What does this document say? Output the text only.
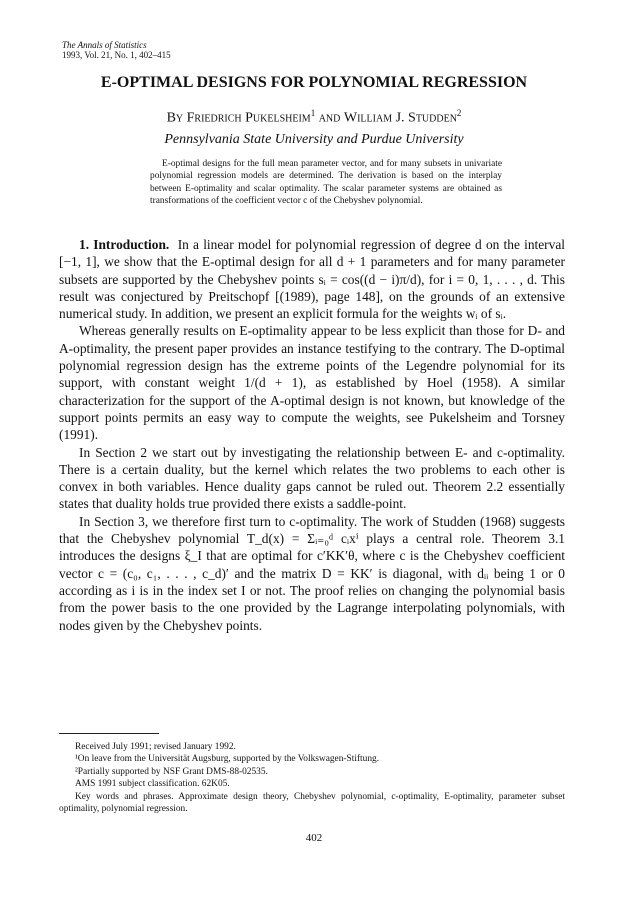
The Annals of Statistics
1993, Vol. 21, No. 1, 402–415
E-OPTIMAL DESIGNS FOR POLYNOMIAL REGRESSION
By Friedrich Pukelsheim$^1$ and William J. Studden$^2$
Pennsylvania State University and Purdue University

E-optimal designs for the full mean parameter vector, and for many subsets in univariate polynomial regression models are determined. The derivation is based on the interplay between E-optimality and scalar optimality. The scalar parameter systems are obtained as transformations of the coefficient vector c of the Chebyshev polynomial.

1. Introduction. In a linear model for polynomial regression of degree d on the interval [−1, 1], we show that the E-optimal design for all d + 1 parameters and for many parameter subsets are supported by the Chebyshev points sᵢ = cos((d − i)π/d), for i = 0, 1, . . . , d. This result was conjectured by Preitschopf [(1989), page 148], on the grounds of an extensive numerical study. In addition, we present an explicit formula for the weights wᵢ of sᵢ.

Whereas generally results on E-optimality appear to be less explicit than those for D- and A-optimality, the present paper provides an instance testifying to the contrary. The D-optimal polynomial regression design has the extreme points of the Legendre polynomial for its support, with constant weight 1/(d + 1), as established by Hoel (1958). A similar characterization for the support of the A-optimal design is not known, but knowledge of the support points permits an easy way to compute the weights, see Pukelsheim and Torsney (1991).

In Section 2 we start out by investigating the relationship between E- and c-optimality. There is a certain duality, but the kernel which relates the two problems to each other is convex in both variables. Hence duality gaps cannot be ruled out. Theorem 2.2 essentially states that duality holds true provided there exists a saddle-point.

In Section 3, we therefore first turn to c-optimality. The work of Studden (1968) suggests that the Chebyshev polynomial T_d(x) = Σᵢ₌₀ᵈ cᵢxⁱ plays a central role. Theorem 3.1 introduces the designs ξ_I that are optimal for c′KK′θ, where c is the Chebyshev coefficient vector c = (c₀, c₁, . . . , c_d)′ and the matrix D = KK′ is diagonal, with dᵢᵢ being 1 or 0 according as i is in the index set I or not. The proof relies on changing the polynomial basis from the power basis to the one provided by the Lagrange interpolating polynomials, with nodes given by the Chebyshev points.

Received July 1991; revised January 1992.
¹On leave from the Universität Augsburg, supported by the Volkswagen-Stiftung.
²Partially supported by NSF Grant DMS-88-02535.
AMS 1991 subject classification. 62K05.
Key words and phrases. Approximate design theory, Chebyshev polynomial, c-optimality, E-optimality, parameter subset optimality, polynomial regression.
402
